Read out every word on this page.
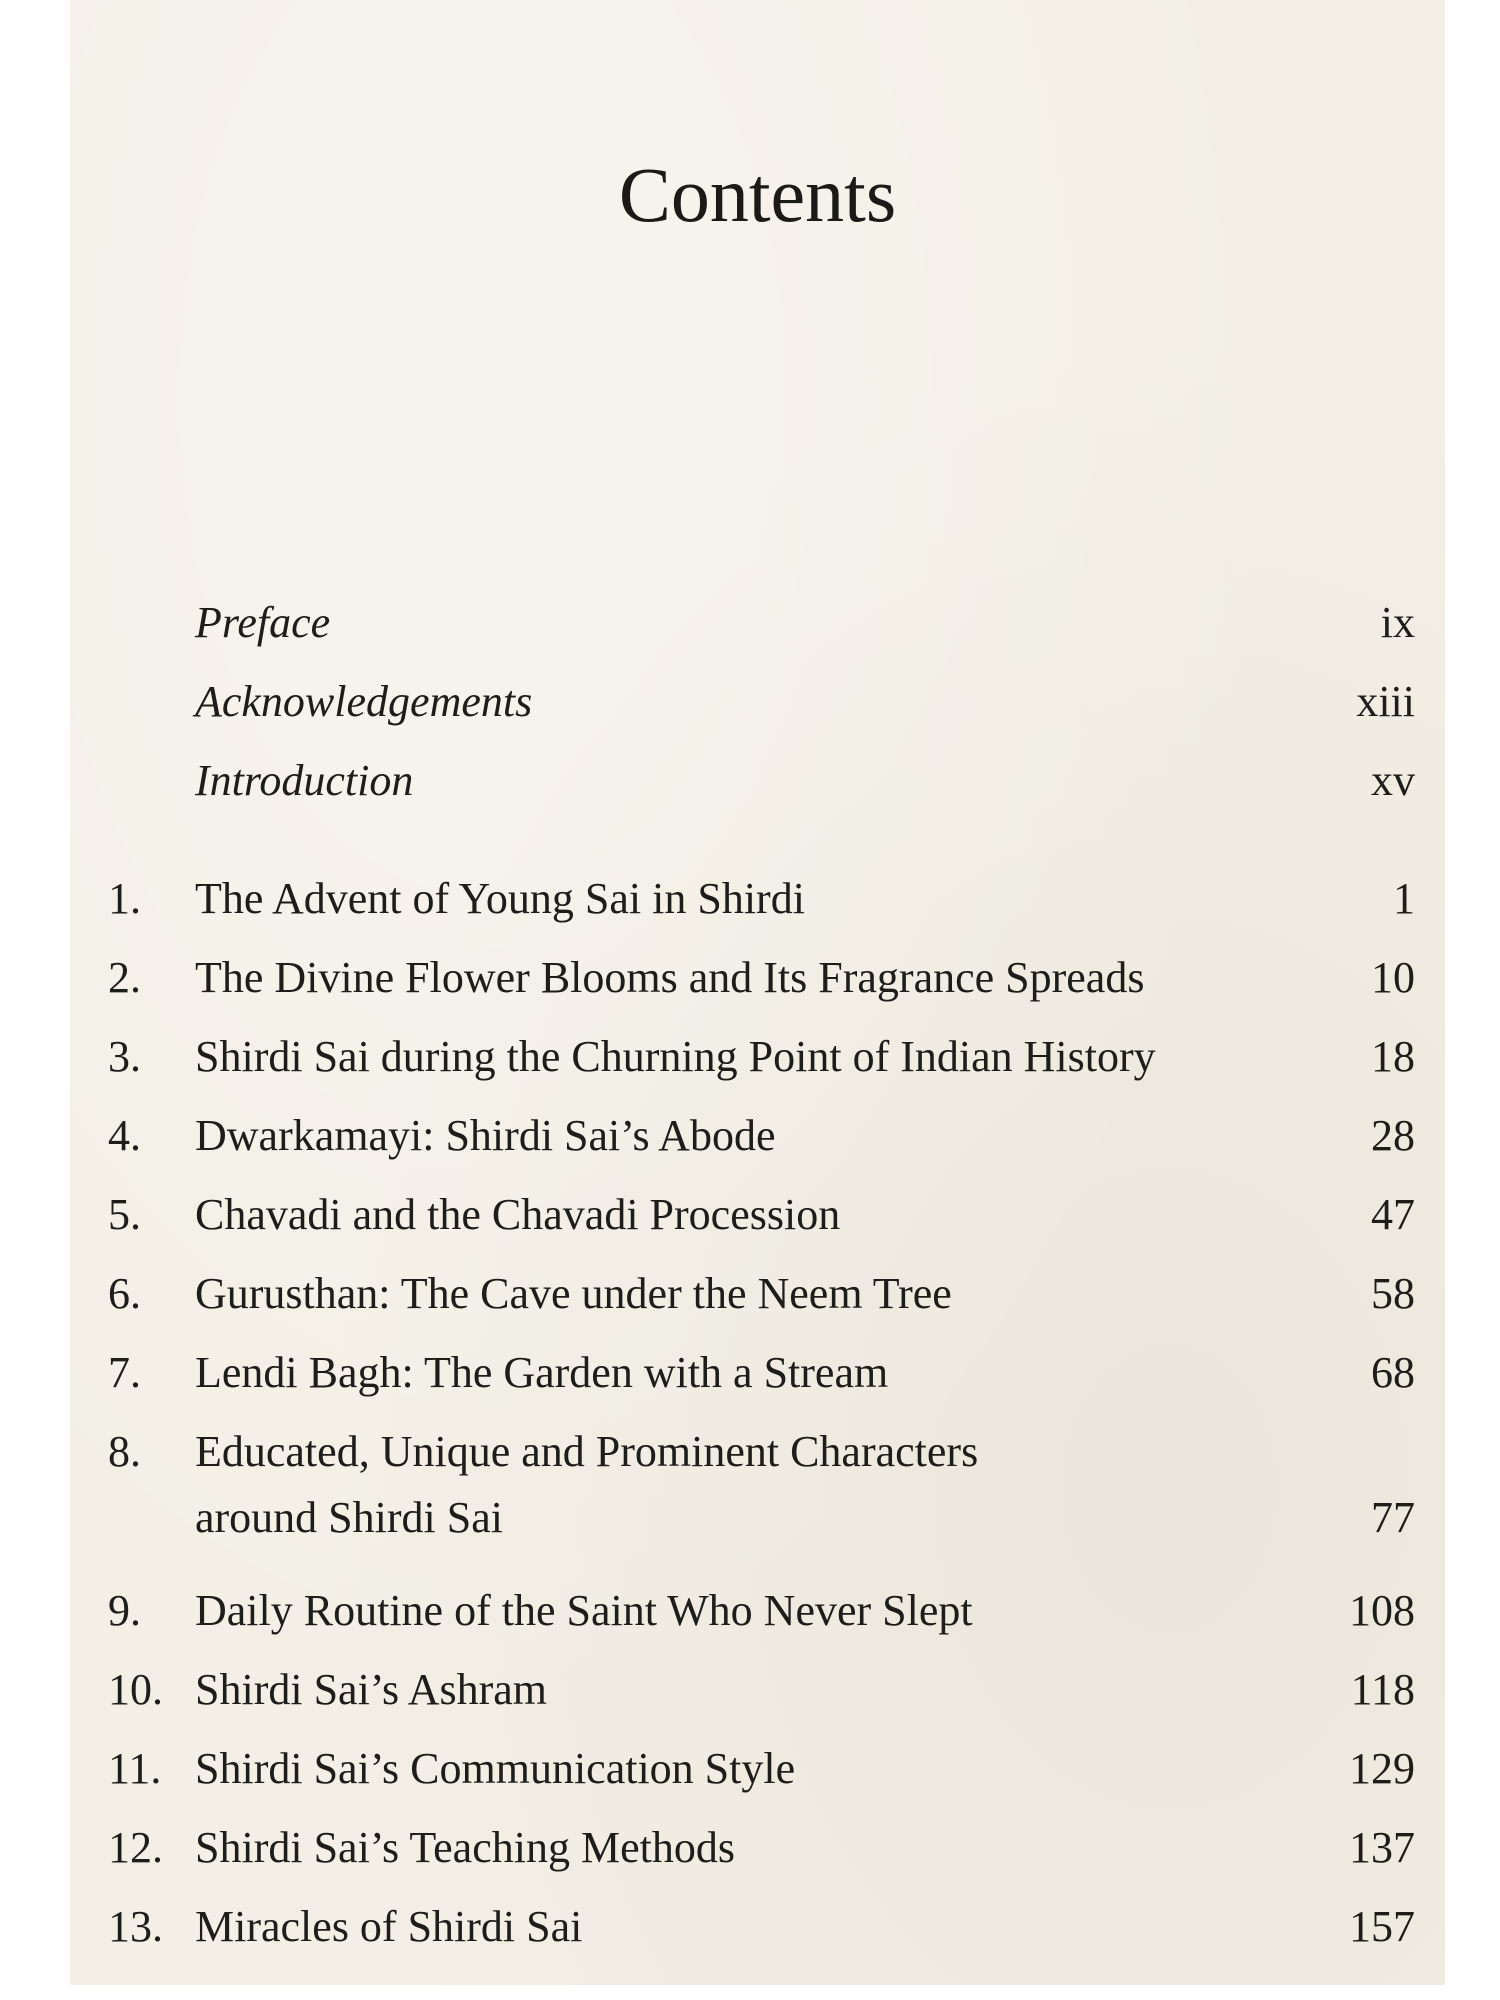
Contents
Preface	ix
Acknowledgements	xiii
Introduction	xv
1. The Advent of Young Sai in Shirdi	1
2. The Divine Flower Blooms and Its Fragrance Spreads	10
3. Shirdi Sai during the Churning Point of Indian History	18
4. Dwarkamayi: Shirdi Sai’s Abode	28
5. Chavadi and the Chavadi Procession	47
6. Gurusthan: The Cave under the Neem Tree	58
7. Lendi Bagh: The Garden with a Stream	68
8. Educated, Unique and Prominent Characters
around Shirdi Sai	77
9. Daily Routine of the Saint Who Never Slept	108
10. Shirdi Sai’s Ashram	118
11. Shirdi Sai’s Communication Style	129
12. Shirdi Sai’s Teaching Methods	137
13. Miracles of Shirdi Sai	157
